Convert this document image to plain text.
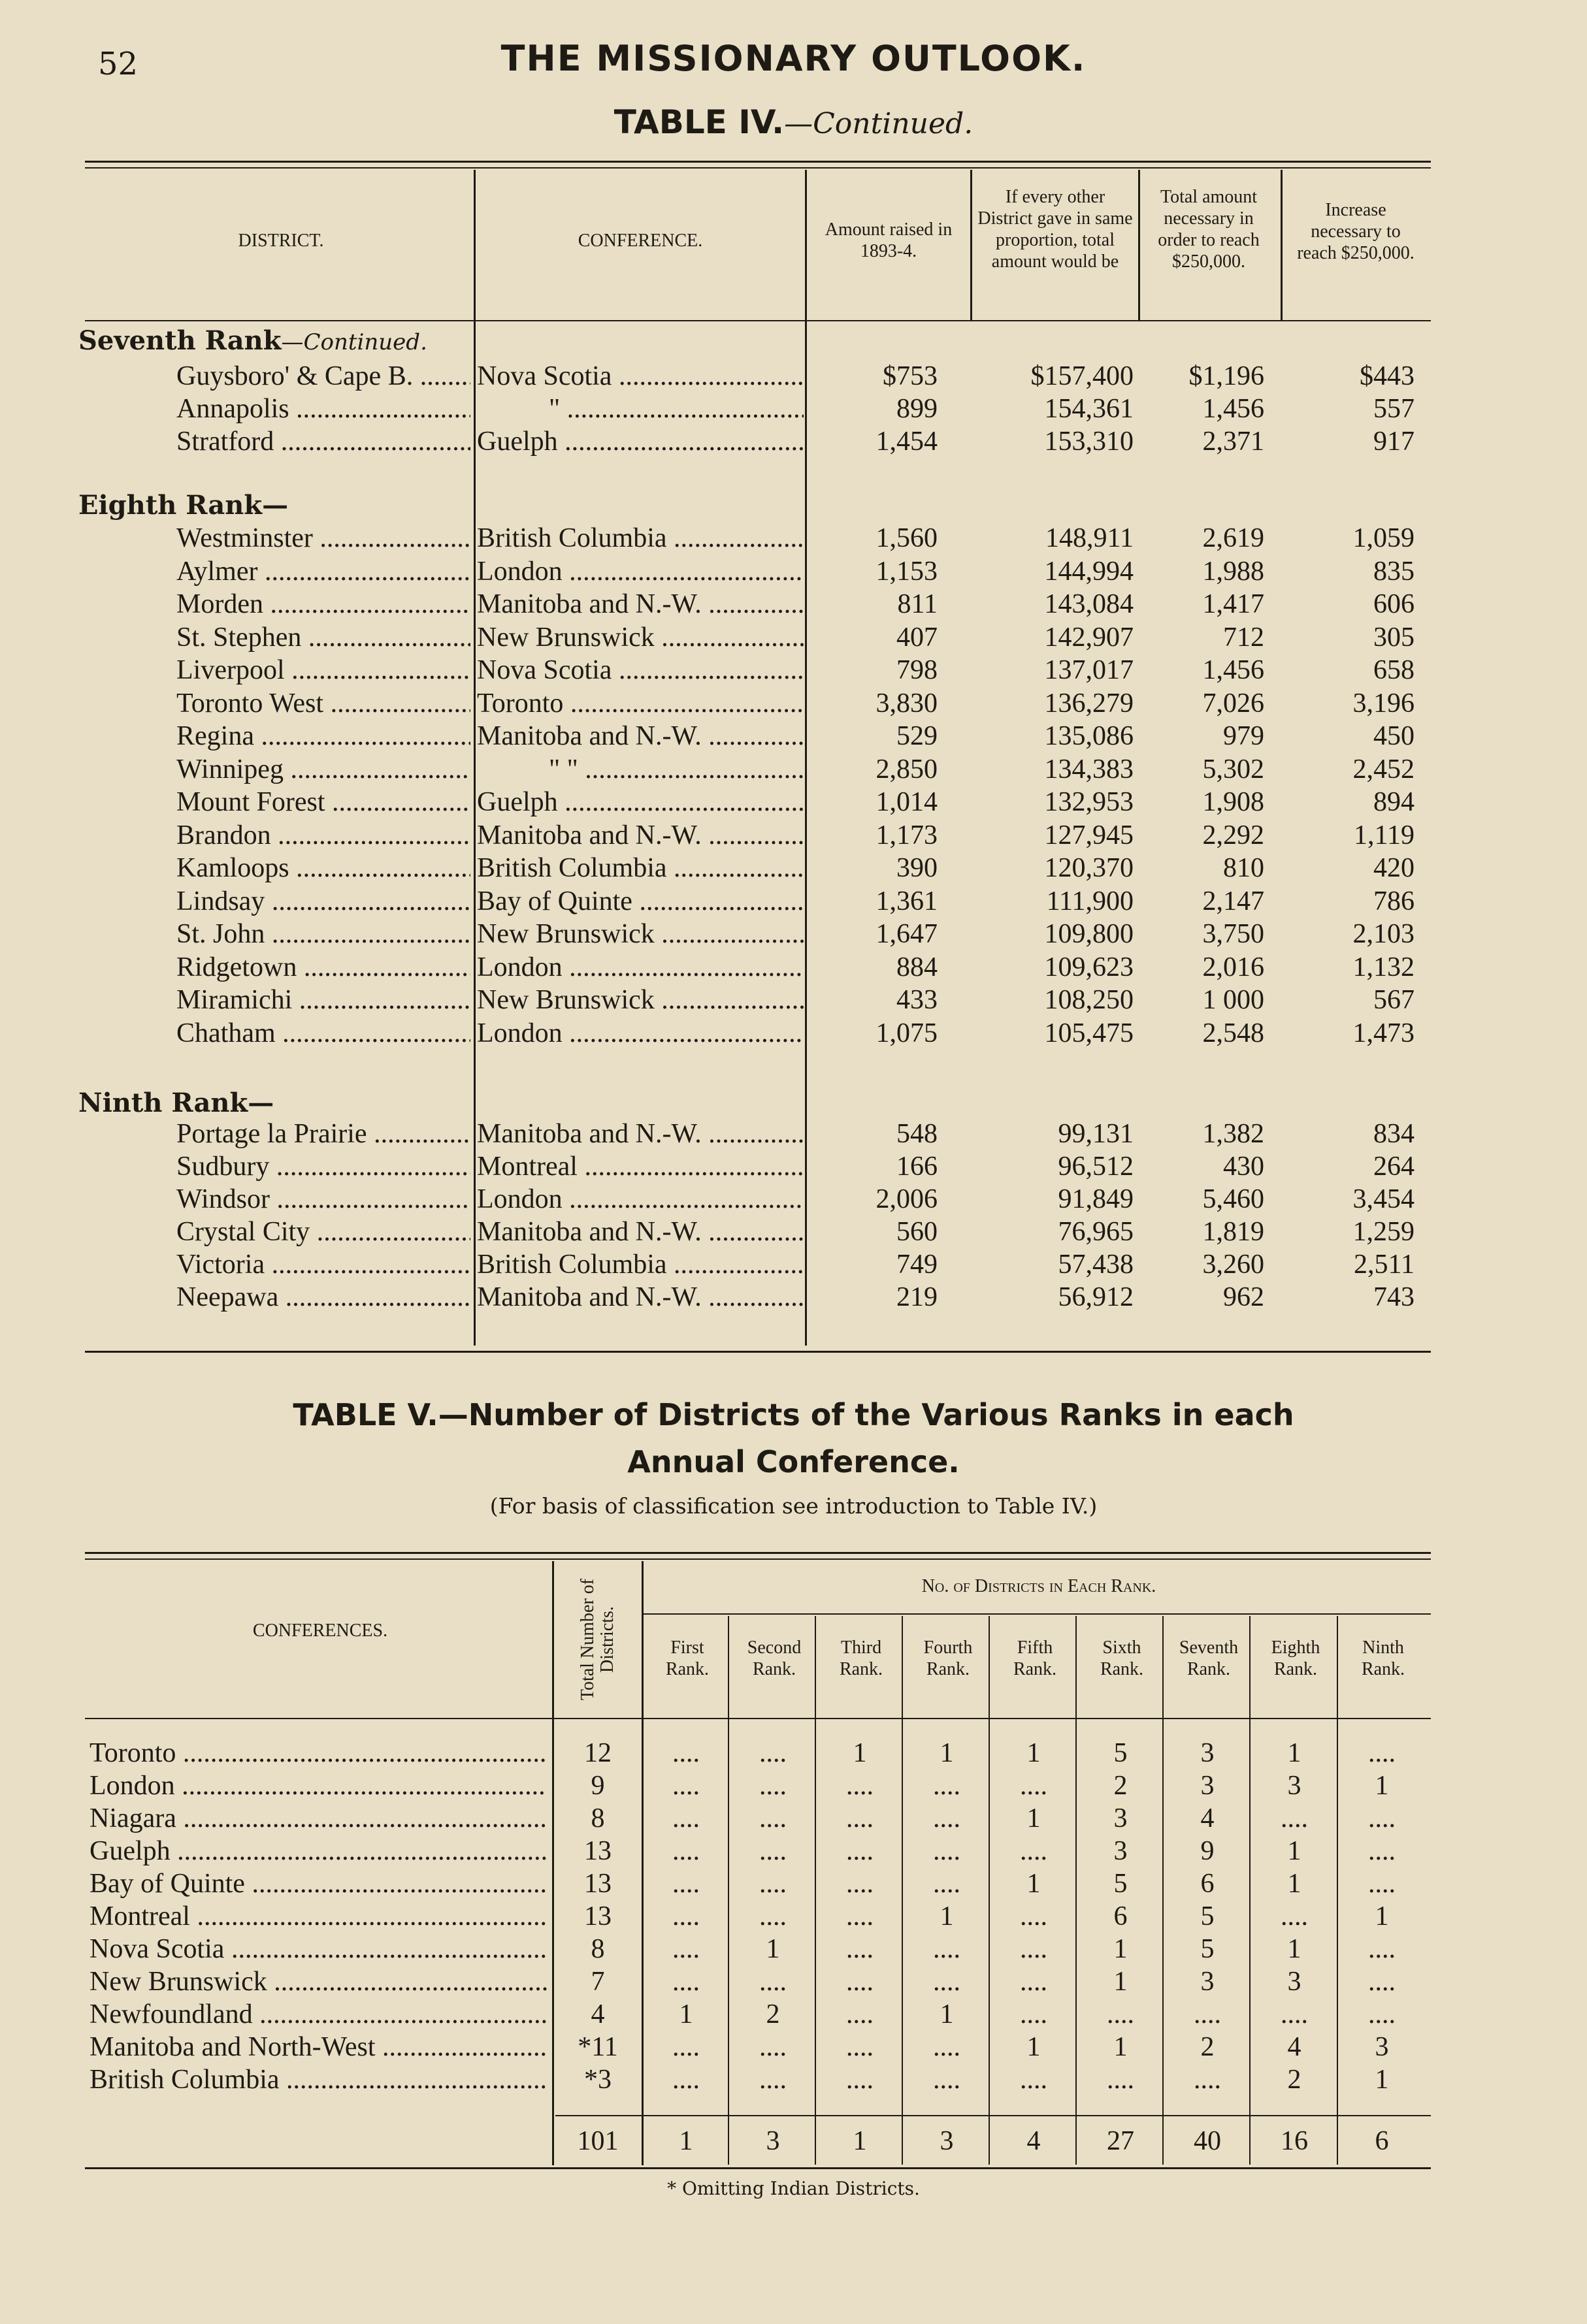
52	THE MISSIONARY OUTLOOK.
TABLE IV.—Continued.
DISTRICT.	CONFERENCE.
Amount raised in 1893-4.
If every other District gave in same proportion, total amount would be
Total amount necessary in order to reach $250,000.
Increase necessary to reach $250,000.
Seventh Rank—Continued.
Guysboro' & Cape B. .....	Nova Scotia .....	$753	$157,400	$1,196	$443
Annapolis .....	" .....	899	154,361	1,456	557
Stratford .....	Guelph .....	1,454	153,310	2,371	917
Eighth Rank—
Westminster .....	British Columbia .....	1,560	148,911	2,619	1,059
Aylmer .....	London .....	1,153	144,994	1,988	835
Morden .....	Manitoba and N.-W. .....	811	143,084	1,417	606
St. Stephen .....	New Brunswick .....	407	142,907	712	305
Liverpool .....	Nova Scotia .....	798	137,017	1,456	658
Toronto West .....	Toronto .....	3,830	136,279	7,026	3,196
Regina .....	Manitoba and N.-W. .....	529	135,086	979	450
Winnipeg .....	" " .....	2,850	134,383	5,302	2,452
Mount Forest .....	Guelph .....	1,014	132,953	1,908	894
Brandon .....	Manitoba and N.-W. .....	1,173	127,945	2,292	1,119
Kamloops .....	British Columbia .....	390	120,370	810	420
Lindsay .....	Bay of Quinte .....	1,361	111,900	2,147	786
St. John .....	New Brunswick .....	1,647	109,800	3,750	2,103
Ridgetown .....	London .....	884	109,623	2,016	1,132
Miramichi .....	New Brunswick .....	433	108,250	1 000	567
Chatham .....	London .....	1,075	105,475	2,548	1,473
Ninth Rank—
Portage la Prairie .....	Manitoba and N.-W. .....	548	99,131	1,382	834
Sudbury .....	Montreal .....	166	96,512	430	264
Windsor .....	London .....	2,006	91,849	5,460	3,454
Crystal City .....	Manitoba and N.-W. .....	560	76,965	1,819	1,259
Victoria .....	British Columbia .....	749	57,438	3,260	2,511
Neepawa .....	Manitoba and N.-W. .....	219	56,912	962	743
TABLE V.—Number of Districts of the Various Ranks in each
Annual Conference.
(For basis of classification see introduction to Table IV.)
CONFERENCES.	Total Number of Districts.
No. of Districts in Each Rank.
First Rank.
Second Rank.
Third Rank.
Fourth Rank.
Fifth Rank.
Sixth Rank.
Seventh Rank.
Eighth Rank.
Ninth Rank.
Toronto .....	12	....	....	1	1	1	5	3	1	....
London .....	9	....	....	....	....	....	2	3	3	1
Niagara .....	8	....	....	....	....	1	3	4	....	....
Guelph .....	13	....	....	....	....	....	3	9	1	....
Bay of Quinte .....	13	....	....	....	....	1	5	6	1	....
Montreal .....	13	....	....	....	1	....	6	5	....	1
Nova Scotia .....	8	....	1	....	....	....	1	5	1	....
New Brunswick .....	7	....	....	....	....	....	1	3	3	....
Newfoundland .....	4	1	2	....	1	....	....	....	....	....
Manitoba and North-West .....	*11	....	....	....	....	1	1	2	4	3
British Columbia .....	*3	....	....	....	....	....	....	....	2	1
101	1	3	1	3	4	27	40	16	6
* Omitting Indian Districts.
